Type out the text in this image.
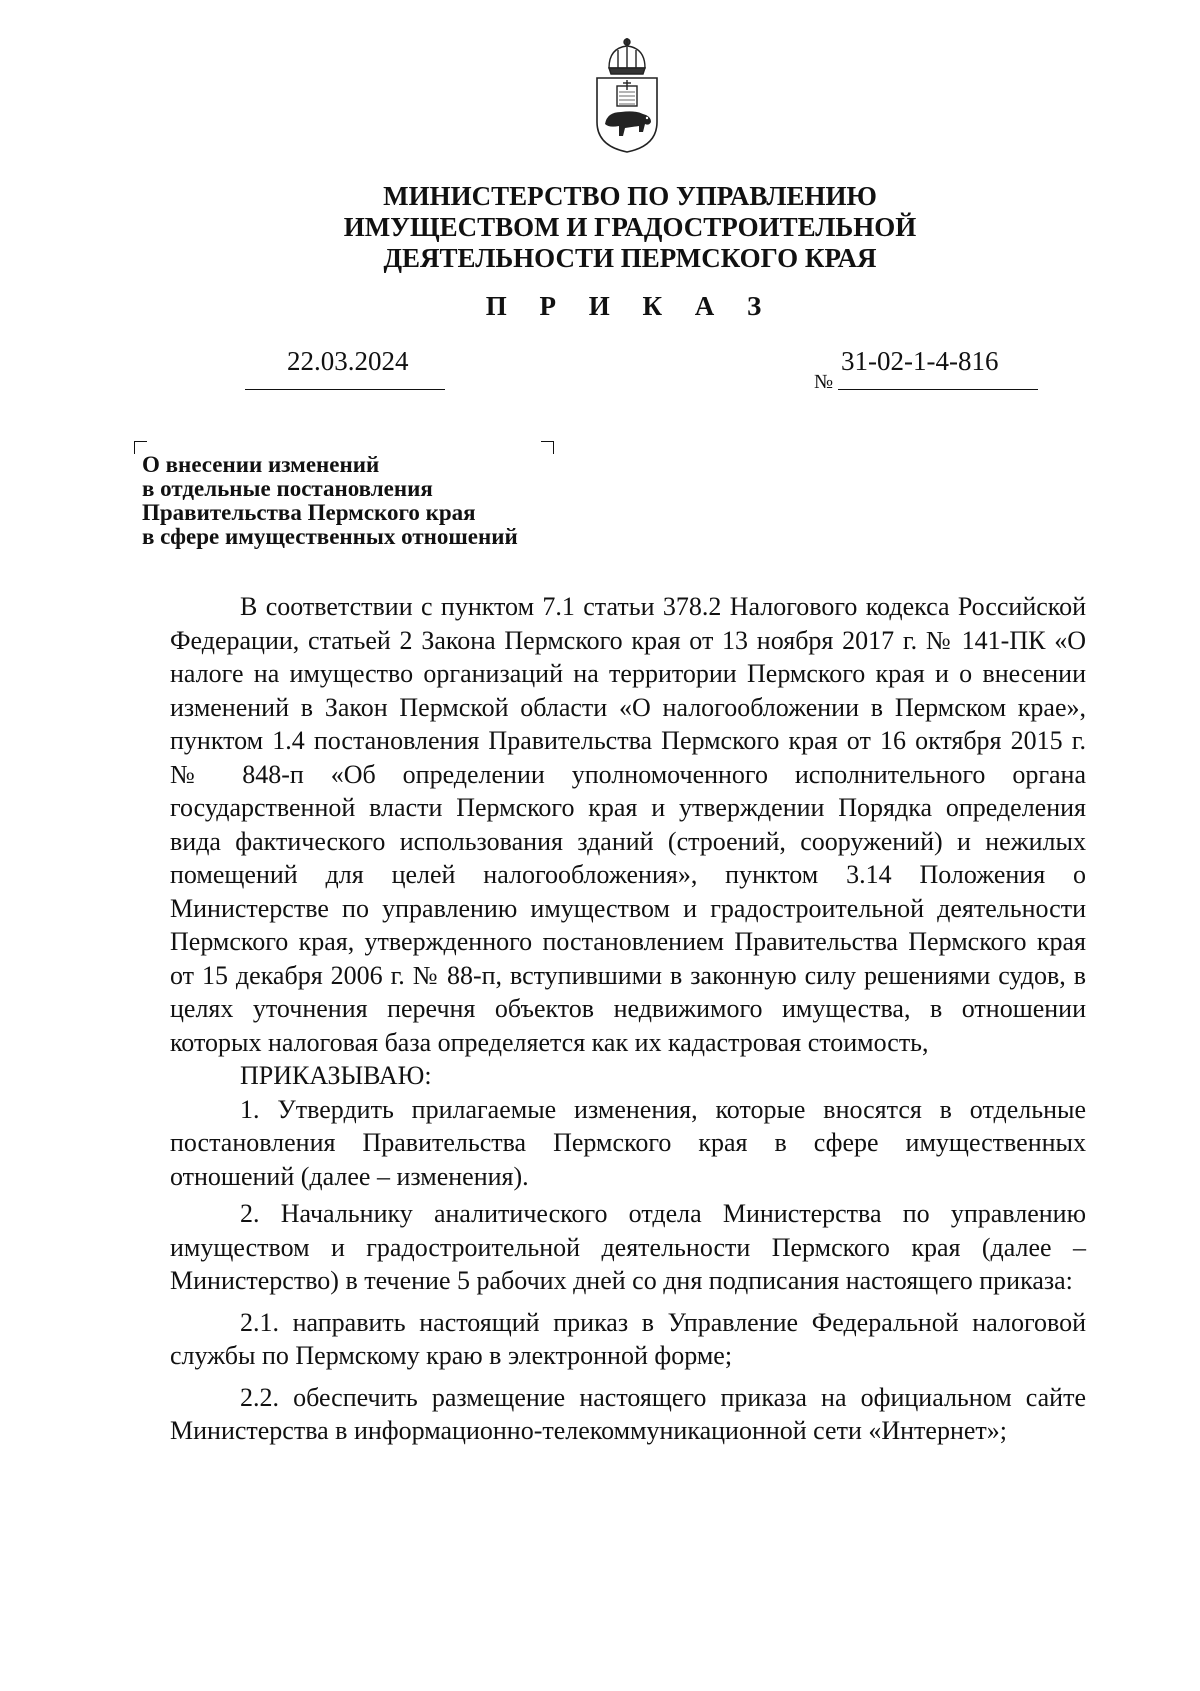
МИНИСТЕРСТВО ПО УПРАВЛЕНИЮ
ИМУЩЕСТВОМ И ГРАДОСТРОИТЕЛЬНОЙ
ДЕЯТЕЛЬНОСТИ ПЕРМСКОГО КРАЯ
П Р И К А З
22.03.2024
№
31-02-1-4-816
О внесении изменений
в отдельные постановления
Правительства Пермского края
в сфере имущественных отношений

В соответствии с пунктом 7.1 статьи 378.2 Налогового кодекса Российской Федерации, статьей 2 Закона Пермского края от 13 ноября 2017 г. № 141-ПК «О налоге на имущество организаций на территории Пермского края и о внесении изменений в Закон Пермской области «О налогообложении в Пермском крае», пунктом 1.4 постановления Правительства Пермского края от 16 октября 2015 г. № 848-п «Об определении уполномоченного исполнительного органа государственной власти Пермского края и утверждении Порядка определения вида фактического использования зданий (строений, сооружений) и нежилых помещений для целей налогообложения», пунктом 3.14 Положения о Министерстве по управлению имуществом и градостроительной деятельности Пермского края, утвержденного постановлением Правительства Пермского края от 15 декабря 2006 г. № 88-п, вступившими в законную силу решениями судов, в целях уточнения перечня объектов недвижимого имущества, в отношении которых налоговая база определяется как их кадастровая стоимость,

ПРИКАЗЫВАЮ:

1. Утвердить прилагаемые изменения, которые вносятся в отдельные постановления Правительства Пермского края в сфере имущественных отношений (далее – изменения).

2. Начальнику аналитического отдела Министерства по управлению имуществом и градостроительной деятельности Пермского края (далее – Министерство) в течение 5 рабочих дней со дня подписания настоящего приказа:

2.1. направить настоящий приказ в Управление Федеральной налоговой службы по Пермскому краю в электронной форме;

2.2. обеспечить размещение настоящего приказа на официальном сайте Министерства в информационно-телекоммуникационной сети «Интернет»;
